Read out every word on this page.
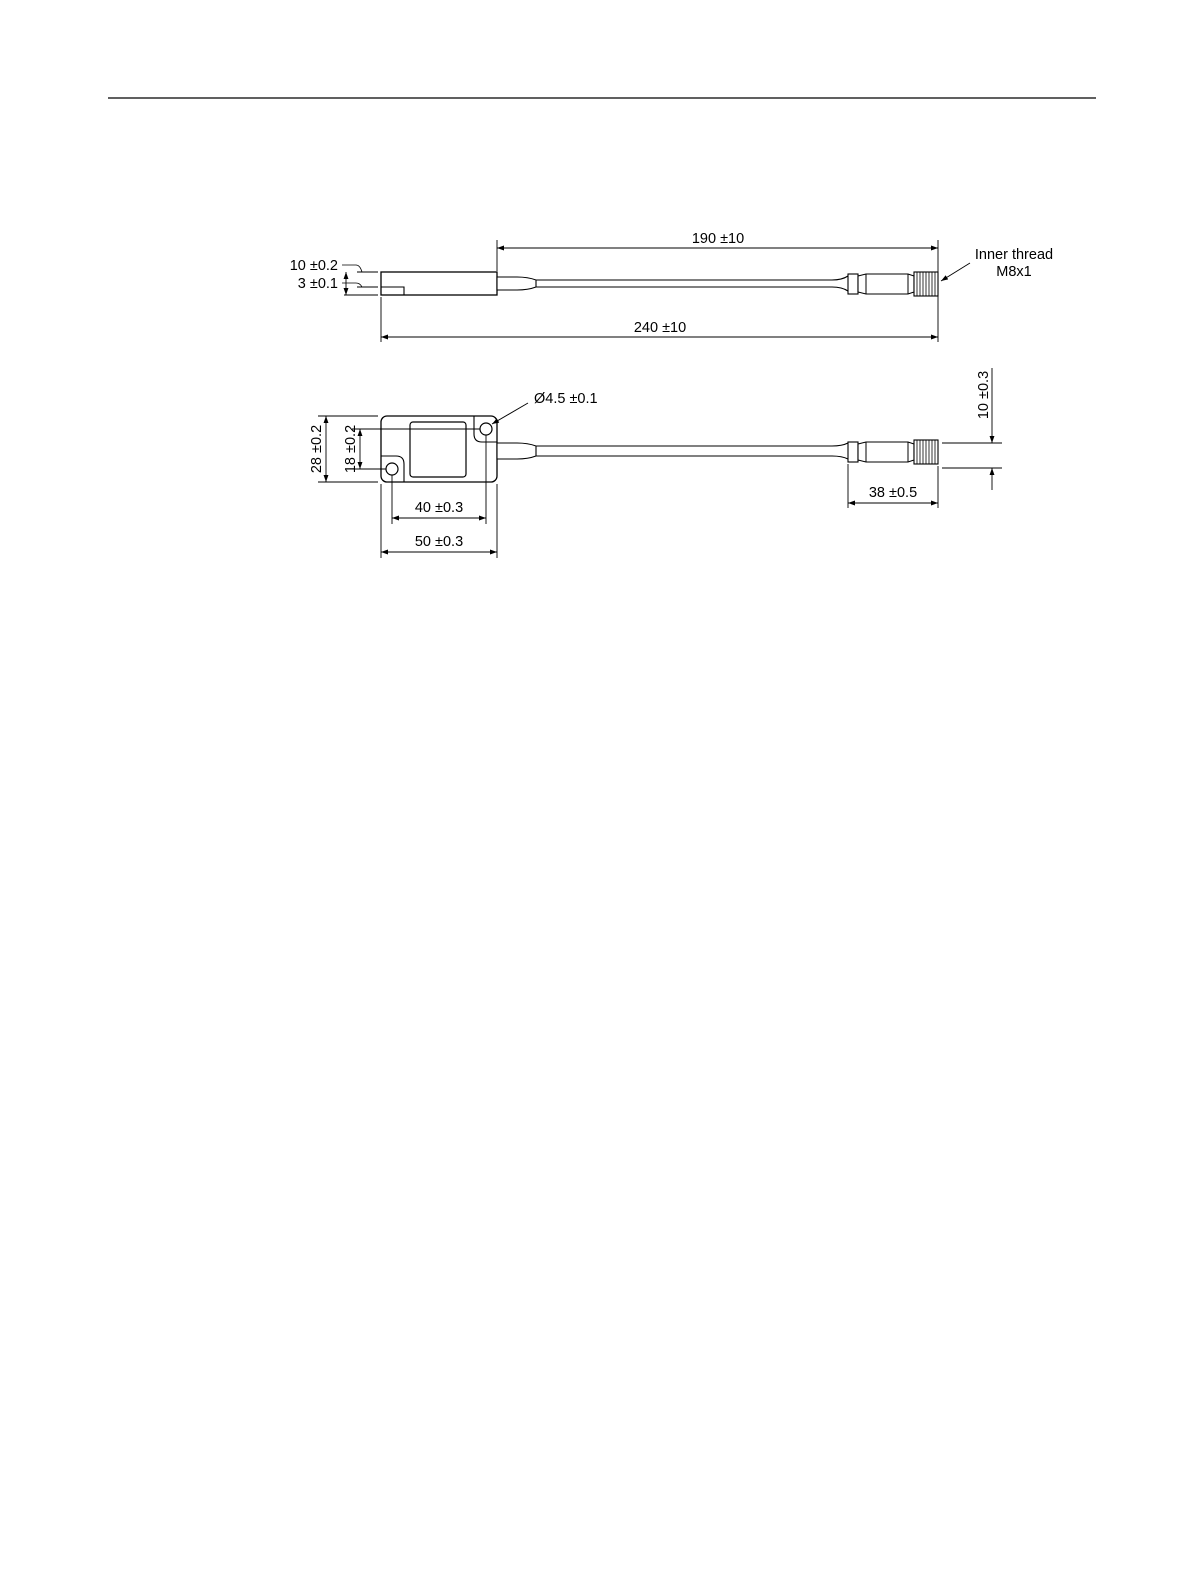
190 ±10
240 ±10
10 ±0.2
3 ±0.1
Inner thread
M8x1
Ø4.5 ±0.1
28 ±0.2 18 ±0.2
40 ±0.3
50 ±0.3
38 ±0.5
10 ±0.3
